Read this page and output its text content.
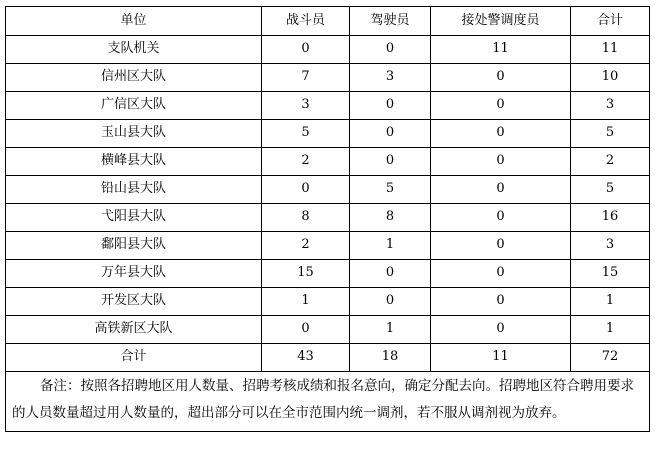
单位	战斗员	驾驶员	接处警调度员	合计
支队机关	0	0	11	11
信州区大队	7	3	0	10
广信区大队	3	0	0	3
玉山县大队	5	0	0	5
横峰县大队	2	0	0	2
铅山县大队	0	5	0	5
弋阳县大队	8	8	0	16
鄱阳县大队	2	1	0	3
万年县大队	15	0	0	15
开发区大队	1	0	0	1
高铁新区大队	0	1	0	1
合计	43	18	11	72
备注：按照各招聘地区用人数量、招聘考核成绩和报名意向，确定分配去向。招聘地区符合聘用要求的人员数量超过用人数量的，超出部分可以在全市范围内统一调剂，若不服从调剂视为放弃。				
